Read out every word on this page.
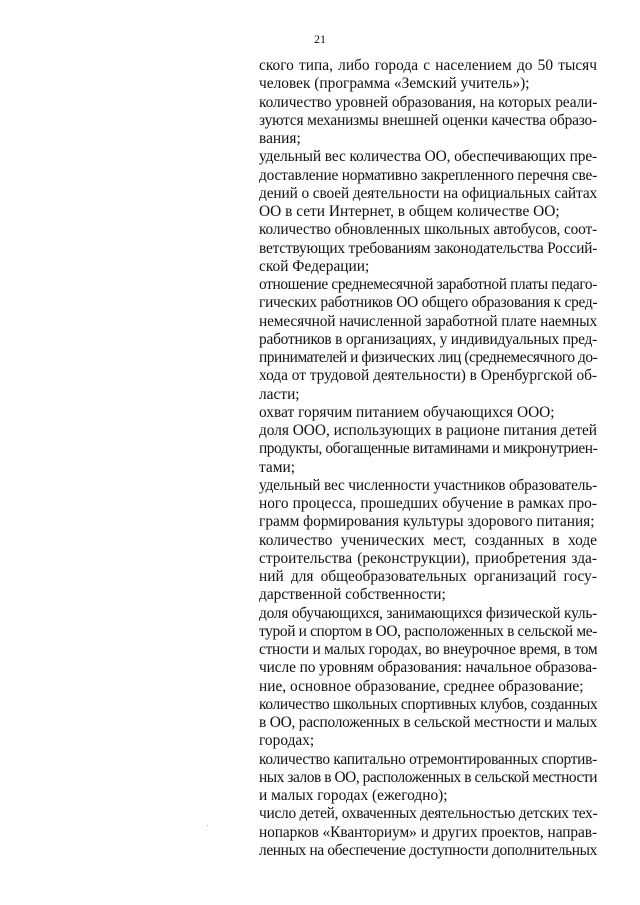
21
ского типа, либо города с населением до 50 тысяч
человек (программа «Земский учитель»);
количество уровней образования, на которых реали-
зуются механизмы внешней оценки качества образо-
вания;
удельный вес количества ОО, обеспечивающих пре-
доставление нормативно закрепленного перечня све-
дений о своей деятельности на официальных сайтах
ОО в сети Интернет, в общем количестве ОО;
количество обновленных школьных автобусов, соот-
ветствующих требованиям законодательства Россий-
ской Федерации;
отношение среднемесячной заработной платы педаго-
гических работников ОО общего образования к сред-
немесячной начисленной заработной плате наемных
работников в организациях, у индивидуальных пред-
принимателей и физических лиц (среднемесячного до-
хода от трудовой деятельности) в Оренбургской об-
ласти;
охват горячим питанием обучающихся ООО;
доля ООО, использующих в рационе питания детей
продукты, обогащенные витаминами и микронутриен-
тами;
удельный вес численности участников образователь-
ного процесса, прошедших обучение в рамках про-
грамм формирования культуры здорового питания;
количество ученических мест, созданных в ходе
строительства (реконструкции), приобретения зда-
ний для общеобразовательных организаций госу-
дарственной собственности;
доля обучающихся, занимающихся физической куль-
турой и спортом в ОО, расположенных в сельской ме-
стности и малых городах, во внеурочное время, в том
числе по уровням образования: начальное образова-
ние, основное образование, среднее образование;
количество школьных спортивных клубов, созданных
в ОО, расположенных в сельской местности и малых
городах;
количество капитально отремонтированных спортив-
ных залов в ОО, расположенных в сельской местности
и малых городах (ежегодно);
число детей, охваченных деятельностью детских тех-
нопарков «Кванториум» и других проектов, направ-
ленных на обеспечение доступности дополнительных
